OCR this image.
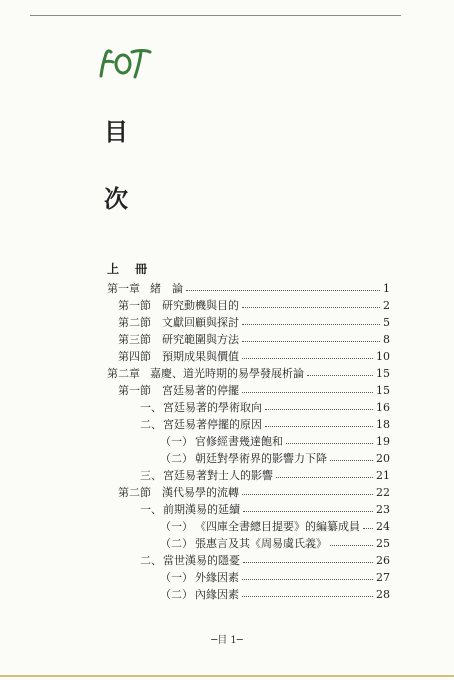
目
次
上 冊
第一章 緒　論	1
第一節 研究動機與目的	2
第二節 文獻回顧與探討	5
第三節 研究範圍與方法	8
第四節 預期成果與價值	10
第二章 嘉慶、道光時期的易學發展析論	15
第一節 宮廷易著的停擺	15
一、 宮廷易著的學術取向	16
二、 宮廷易著停擺的原因	18
（一） 官修經書幾達飽和	19
（二） 朝廷對學術界的影響力下降	20
三、 宮廷易著對士人的影響	21
第二節 漢代易學的流轉	22
一、 前期漢易的延續	23
（一） 《四庫全書總目提要》的編纂成員 24
（二） 張惠言及其《周易虞氏義》	25
二、 當世漢易的隱憂	26
（一） 外緣因素	27
（二） 內緣因素	28
─目 1─
